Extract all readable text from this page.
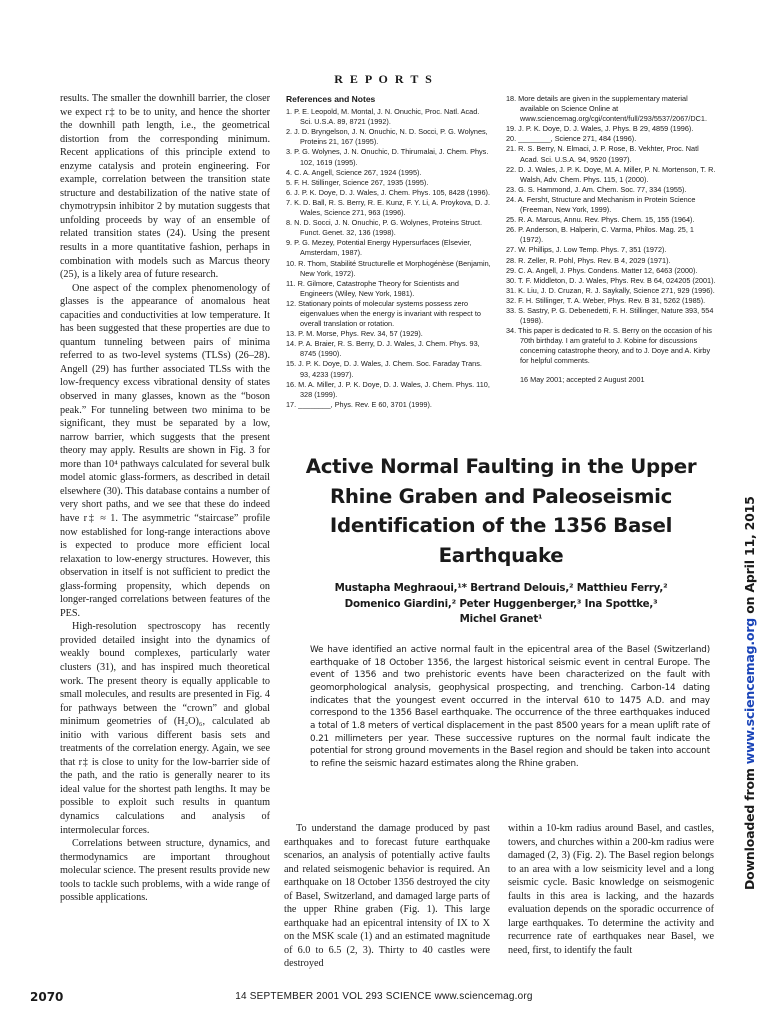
R E P O R T S

results. The smaller the downhill barrier, the closer we expect r‡ to be to unity, and hence the shorter the downhill path length, i.e., the geometrical distortion from the corresponding minimum. Recent applications of this principle extend to enzyme catalysis and protein engineering. For example, correlation between the transition state structure and destabilization of the native state of chymotrypsin inhibitor 2 by mutation suggests that unfolding proceeds by way of an ensemble of related transition states (24). Using the present results in a more quantitative fashion, perhaps in combination with models such as Marcus theory (25), is a likely area of future research.

One aspect of the complex phenomenology of glasses is the appearance of anomalous heat capacities and conductivities at low temperature. It has been suggested that these properties are due to quantum tunneling between pairs of minima referred to as two-level systems (TLSs) (26–28). Angell (29) has further associated TLSs with the low-frequency excess vibrational density of states observed in many glasses, known as the “boson peak.” For tunneling between two minima to be significant, they must be separated by a low, narrow barrier, which suggests that the present theory may apply. Results are shown in Fig. 3 for more than 10⁴ pathways calculated for several bulk model atomic glass-formers, as described in detail elsewhere (30). This database contains a number of very short paths, and we see that these do indeed have r‡ ≈ 1. The asymmetric “staircase” profile now established for long-range interactions above is expected to produce more efficient local relaxation to low-energy structures. However, this observation in itself is not sufficient to predict the glass-forming propensity, which depends on longer-ranged correlations between features of the PES.

High-resolution spectroscopy has recently provided detailed insight into the dynamics of weakly bound complexes, particularly water clusters (31), and has inspired much theoretical work. The present theory is equally applicable to small molecules, and results are presented in Fig. 4 for pathways between the “crown” and global minimum geometries of (H₂O)₆, calculated ab initio with various different basis sets and treatments of the correlation energy. Again, we see that r‡ is close to unity for the low-barrier side of the path, and the ratio is generally nearer to its ideal value for the shortest path lengths. It may be possible to exploit such results in quantum dynamics calculations and analysis of intermolecular forces.

Correlations between structure, dynamics, and thermodynamics are important throughout molecular science. The present results provide new tools to tackle such problems, with a wide range of possible applications.

References and Notes
1. P. E. Leopold, M. Montal, J. N. Onuchic, Proc. Natl. Acad. Sci. U.S.A. 89, 8721 (1992).
2. J. D. Bryngelson, J. N. Onuchic, N. D. Socci, P. G. Wolynes, Proteins 21, 167 (1995).
3. P. G. Wolynes, J. N. Onuchic, D. Thirumalai, J. Chem. Phys. 102, 1619 (1995).
4. C. A. Angell, Science 267, 1924 (1995).
5. F. H. Stillinger, Science 267, 1935 (1995).
6. J. P. K. Doye, D. J. Wales, J. Chem. Phys. 105, 8428 (1996).
7. K. D. Ball, R. S. Berry, R. E. Kunz, F. Y. Li, A. Proykova, D. J. Wales, Science 271, 963 (1996).
8. N. D. Socci, J. N. Onuchic, P. G. Wolynes, Proteins Struct. Funct. Genet. 32, 136 (1998).
9. P. G. Mezey, Potential Energy Hypersurfaces (Elsevier, Amsterdam, 1987).
10. R. Thom, Stabilité Structurelle et Morphogénèse (Benjamin, New York, 1972).
11. R. Gilmore, Catastrophe Theory for Scientists and Engineers (Wiley, New York, 1981).
12. Stationary points of molecular systems possess zero eigenvalues when the energy is invariant with respect to overall translation or rotation.
13. P. M. Morse, Phys. Rev. 34, 57 (1929).
14. P. A. Braier, R. S. Berry, D. J. Wales, J. Chem. Phys. 93, 8745 (1990).
15. J. P. K. Doye, D. J. Wales, J. Chem. Soc. Faraday Trans. 93, 4233 (1997).
16. M. A. Miller, J. P. K. Doye, D. J. Wales, J. Chem. Phys. 110, 328 (1999).
17. ________, Phys. Rev. E 60, 3701 (1999).
18. More details are given in the supplementary material available on Science Online at www.sciencemag.org/cgi/content/full/293/5537/2067/DC1.
19. J. P. K. Doye, D. J. Wales, J. Phys. B 29, 4859 (1996).
20. ________, Science 271, 484 (1996).
21. R. S. Berry, N. Elmaci, J. P. Rose, B. Vekhter, Proc. Natl Acad. Sci. U.S.A. 94, 9520 (1997).
22. D. J. Wales, J. P. K. Doye, M. A. Miller, P. N. Mortenson, T. R. Walsh, Adv. Chem. Phys. 115, 1 (2000).
23. G. S. Hammond, J. Am. Chem. Soc. 77, 334 (1955).
24. A. Fersht, Structure and Mechanism in Protein Science (Freeman, New York, 1999).
25. R. A. Marcus, Annu. Rev. Phys. Chem. 15, 155 (1964).
26. P. Anderson, B. Halperin, C. Varma, Philos. Mag. 25, 1 (1972).
27. W. Phillips, J. Low Temp. Phys. 7, 351 (1972).
28. R. Zeller, R. Pohl, Phys. Rev. B 4, 2029 (1971).
29. C. A. Angell, J. Phys. Condens. Matter 12, 6463 (2000).
30. T. F. Middleton, D. J. Wales, Phys. Rev. B 64, 024205 (2001).
31. K. Liu, J. D. Cruzan, R. J. Saykally, Science 271, 929 (1996).
32. F. H. Stillinger, T. A. Weber, Phys. Rev. B 31, 5262 (1985).
33. S. Sastry, P. G. Debenedetti, F. H. Stillinger, Nature 393, 554 (1998).
34. This paper is dedicated to R. S. Berry on the occasion of his 70th birthday. I am grateful to J. Kobine for discussions concerning catastrophe theory, and to J. Doye and A. Kirby for helpful comments.
16 May 2001; accepted 2 August 2001
Active Normal Faulting in the Upper Rhine Graben and Paleoseismic Identification of the 1356 Basel Earthquake
Mustapha Meghraoui,¹* Bertrand Delouis,² Matthieu Ferry,²
Domenico Giardini,² Peter Huggenberger,³ Ina Spottke,³
Michel Granet¹
We have identified an active normal fault in the epicentral area of the Basel (Switzerland) earthquake of 18 October 1356, the largest historical seismic event in central Europe. The event of 1356 and two prehistoric events have been characterized on the fault with geomorphological analysis, geophysical prospecting, and trenching. Carbon-14 dating indicates that the youngest event occurred in the interval 610 to 1475 A.D. and may correspond to the 1356 Basel earthquake. The occurrence of the three earthquakes induced a total of 1.8 meters of vertical displacement in the past 8500 years for a mean uplift rate of 0.21 millimeters per year. These successive ruptures on the normal fault indicate the potential for strong ground movements in the Basel region and should be taken into account to refine the seismic hazard estimates along the Rhine graben.

To understand the damage produced by past earthquakes and to forecast future earthquake scenarios, an analysis of potentially active faults and related seismogenic behavior is required. An earthquake on 18 October 1356 destroyed the city of Basel, Switzerland, and damaged large parts of the upper Rhine graben (Fig. 1). This large earthquake had an epicentral intensity of IX to X on the MSK scale (1) and an estimated magnitude of 6.0 to 6.5 (2, 3). Thirty to 40 castles were destroyed

within a 10-km radius around Basel, and castles, towers, and churches within a 200-km radius were damaged (2, 3) (Fig. 2). The Basel region belongs to an area with a low seismicity level and a long seismic cycle. Basic knowledge on seismogenic faults in this area is lacking, and the hazards evaluation depends on the sporadic occurrence of large earthquakes. To determine the activity and recurrence rate of earthquakes near Basel, we need, first, to identify the fault

Downloaded from www.sciencemag.org on April 11, 2015
2070	14 SEPTEMBER 2001 VOL 293 SCIENCE www.sciencemag.org
